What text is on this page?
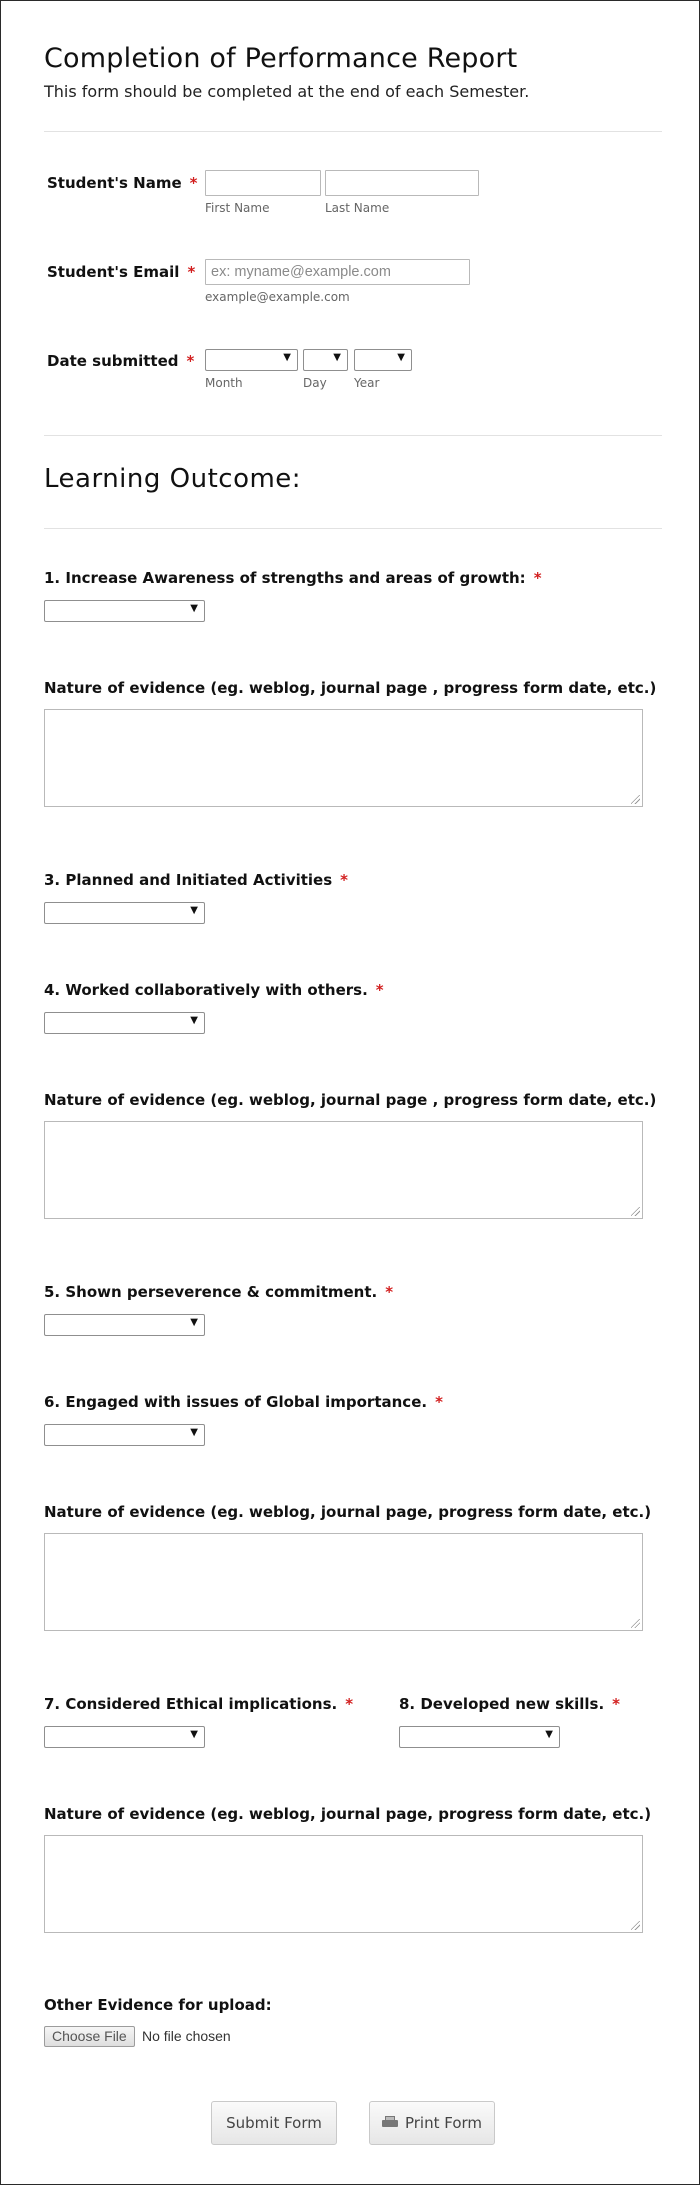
Completion of Performance Report
This form should be completed at the end of each Semester.
Student's Name *
First Name	Last Name
Student's Email * ex: myname@example.com
example@example.com
Date submitted *	▼	▼	▼
Month	Day Year
Learning Outcome:
1. Increase Awareness of strengths and areas of growth: *
▼
Nature of evidence (eg. weblog, journal page , progress form date, etc.)
3. Planned and Initiated Activities *
▼
4. Worked collaboratively with others. *
▼
Nature of evidence (eg. weblog, journal page , progress form date, etc.)
5. Shown perseverence & commitment. *
▼
6. Engaged with issues of Global importance. *
▼
Nature of evidence (eg. weblog, journal page, progress form date, etc.)
7. Considered Ethical implications. *
▼
8. Developed new skills. *
▼
Nature of evidence (eg. weblog, journal page, progress form date, etc.)
Other Evidence for upload:
Choose File	No file chosen
Submit Form	Print Form
